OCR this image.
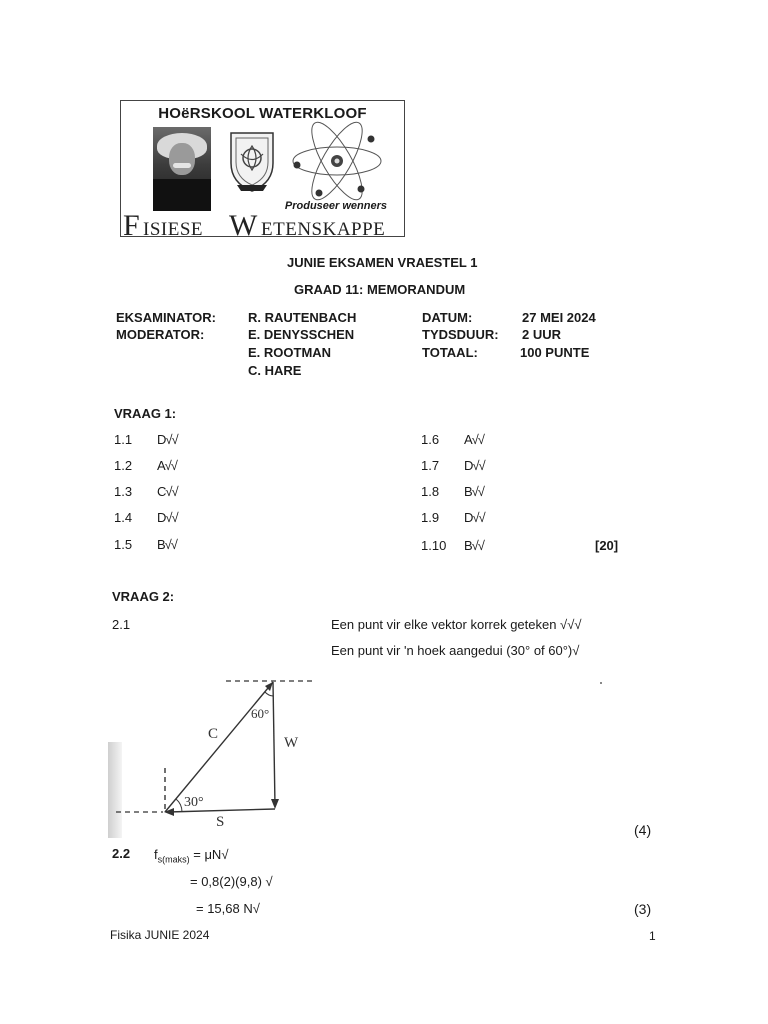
HOëRSKOOL WATERKLOOF
Produseer wenners
F ISIESE W ETENSKAPPE
JUNIE EKSAMEN VRAESTEL 1
GRAAD 11: MEMORANDUM
EKSAMINATOR: R. RAUTENBACH
MODERATOR:	E. DENYSSCHEN
E. ROOTMAN
C. HARE
DATUM:	27 MEI 2024
TYDSDUUR: 2 UUR
TOTAAL:	100 PUNTE
VRAAG 1:
1.1 D√√
1.2 A√√
1.3 C√√
1.4 D√√
1.5 B√√
1.6 A√√
1.7 D√√
1.8 B√√
1.9 D√√
1.10 B√√	[20]
VRAAG 2:
2.1	Een punt vir elke vektor korrek geteken √√√
Een punt vir 'n hoek aangedui (30° of 60°)√
C
W
S
60°
30°
(4)
2.2 $f_{s(maks)} = \mu N√$
= 0,8(2)(9,8) √
= 15,68 N√	(3)
Fisika JUNIE 2024	1
